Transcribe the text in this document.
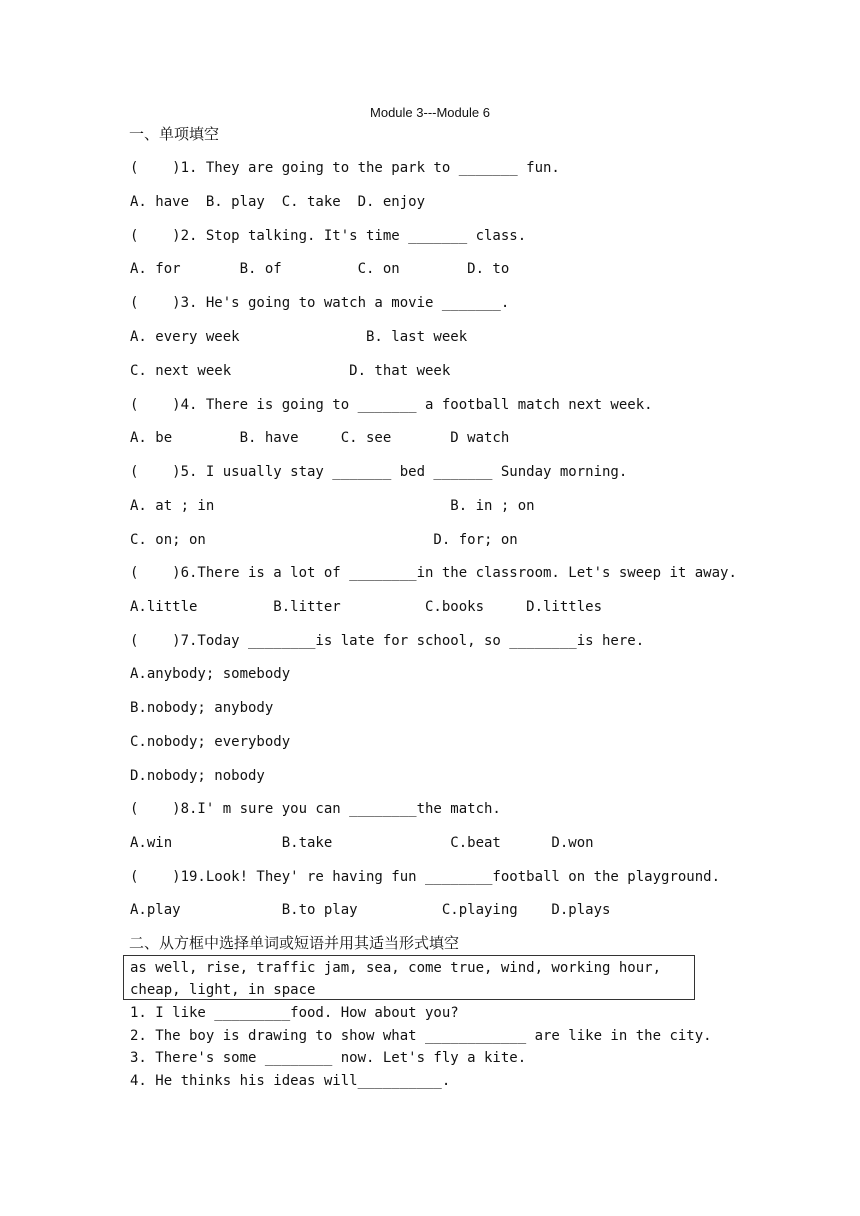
Module 3---Module 6
一、单项填空
(    )1. They are going to the park to _______ fun.
A. have  B. play  C. take  D. enjoy
(    )2. Stop talking. It's time _______ class.
A. for       B. of         C. on        D. to
(    )3. He's going to watch a movie _______.
A. every week               B. last week
C. next week              D. that week
(    )4. There is going to _______ a football match next week.
A. be        B. have     C. see       D watch
(    )5. I usually stay _______ bed _______ Sunday morning.
A. at ; in                            B. in ; on
C. on; on                           D. for; on
(    )6.There is a lot of ________in the classroom. Let's sweep it away.
A.little         B.litter          C.books     D.littles
(    )7.Today ________is late for school, so ________is here.
A.anybody; somebody
B.nobody; anybody
C.nobody; everybody
D.nobody; nobody
(    )8.I' m sure you can ________the match.
A.win             B.take              C.beat      D.won
(    )19.Look! They' re having fun ________football on the playground.
A.play            B.to play          C.playing    D.plays
二、从方框中选择单词或短语并用其适当形式填空
as well, rise, traffic jam, sea, come true, wind, working hour,
cheap, light, in space
1. I like _________food. How about you?
2. The boy is drawing to show what ____________ are like in the city.
3. There's some ________ now. Let's fly a kite.
4. He thinks his ideas will__________.
